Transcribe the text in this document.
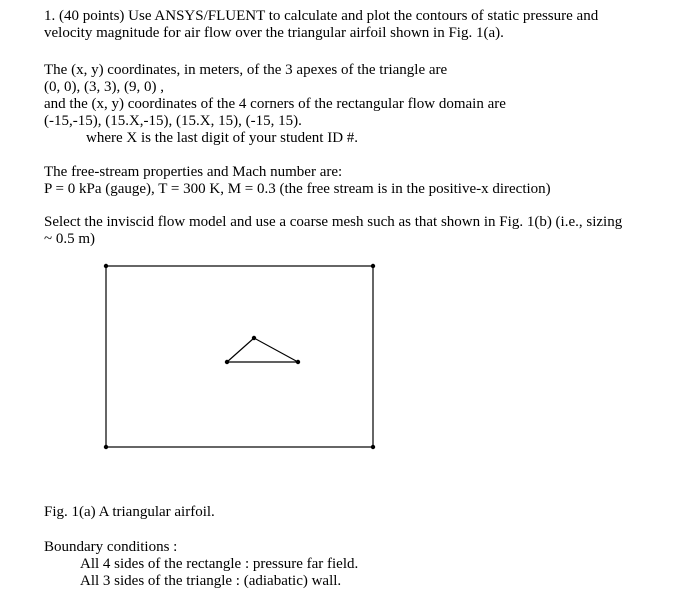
1. (40 points) Use ANSYS/FLUENT to calculate and plot the contours of static pressure and
velocity magnitude for air flow over the triangular airfoil shown in Fig. 1(a).
The (x, y) coordinates, in meters, of the 3 apexes of the triangle are
(0, 0), (3, 3), (9, 0) ,
and the (x, y) coordinates of the 4 corners of the rectangular flow domain are
(-15,-15), (15.X,-15), (15.X, 15), (-15, 15).
where X is the last digit of your student ID #.
The free-stream properties and Mach number are:
P = 0 kPa (gauge), T = 300 K, M = 0.3 (the free stream is in the positive-x direction)
Select the inviscid flow model and use a coarse mesh such as that shown in Fig. 1(b) (i.e., sizing
~ 0.5 m)
Fig. 1(a) A triangular airfoil.
Boundary conditions :
All 4 sides of the rectangle : pressure far field.
All 3 sides of the triangle : (adiabatic) wall.
